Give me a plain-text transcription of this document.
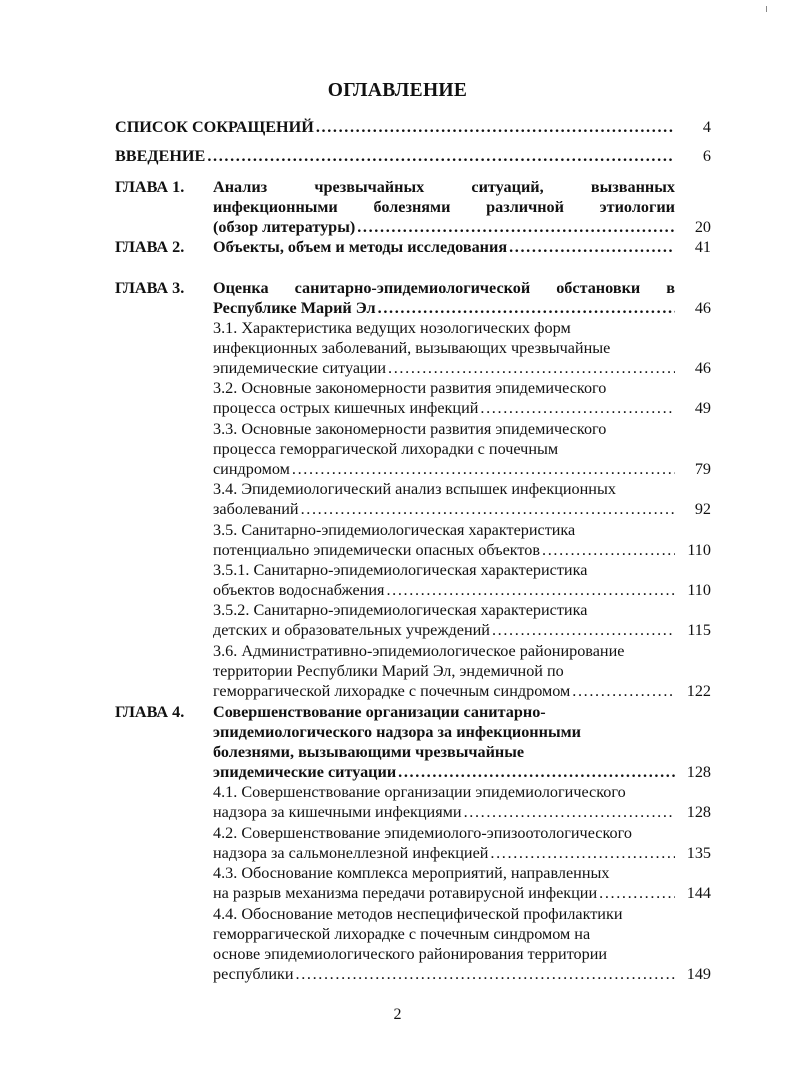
ОГЛАВЛЕНИЕ
СПИСОК СОКРАЩЕНИЙ . . .	4
ВВЕДЕНИЕ . . .	6
ГЛАВА 1. Анализ чрезвычайных ситуаций, вызванных
инфекционными болезнями различной этиологии
(обзор литературы) . . .	20
ГЛАВА 2. Объекты, объем и методы исследования . . .	41
ГЛАВА 3. Оценка санитарно-эпидемиологической обстановки в
Республике Марий Эл . . .	46
3.1. Характеристика ведущих нозологических форм
инфекционных заболеваний, вызывающих чрезвычайные
эпидемические ситуации . . .	46
3.2. Основные закономерности развития эпидемического
процесса острых кишечных инфекций . . .	49
3.3. Основные закономерности развития эпидемического
процесса геморрагической лихорадки с почечным
синдромом . . .	79
3.4. Эпидемиологический анализ вспышек инфекционных
заболеваний . . .	92
3.5. Санитарно-эпидемиологическая характеристика
потенциально эпидемически опасных объектов . . .	110
3.5.1. Санитарно-эпидемиологическая характеристика
объектов водоснабжения . . .	110
3.5.2. Санитарно-эпидемиологическая характеристика
детских и образовательных учреждений . . .	115
3.6. Административно-эпидемиологическое районирование
территории Республики Марий Эл, эндемичной по
геморрагической лихорадке с почечным синдромом . . .	122
ГЛАВА 4. Совершенствование организации санитарно-
эпидемиологического надзора за инфекционными
болезнями, вызывающими чрезвычайные
эпидемические ситуации . . .	128
4.1. Совершенствование организации эпидемиологического
надзора за кишечными инфекциями . . .	128
4.2. Совершенствование эпидемиолого-эпизоотологического
надзора за сальмонеллезной инфекцией . . .	135
4.3. Обоснование комплекса мероприятий, направленных
на разрыв механизма передачи ротавирусной инфекции . . .	144
4.4. Обоснование методов неспецифической профилактики
геморрагической лихорадке с почечным синдромом на
основе эпидемиологического районирования территории
республики . . .	149
2
